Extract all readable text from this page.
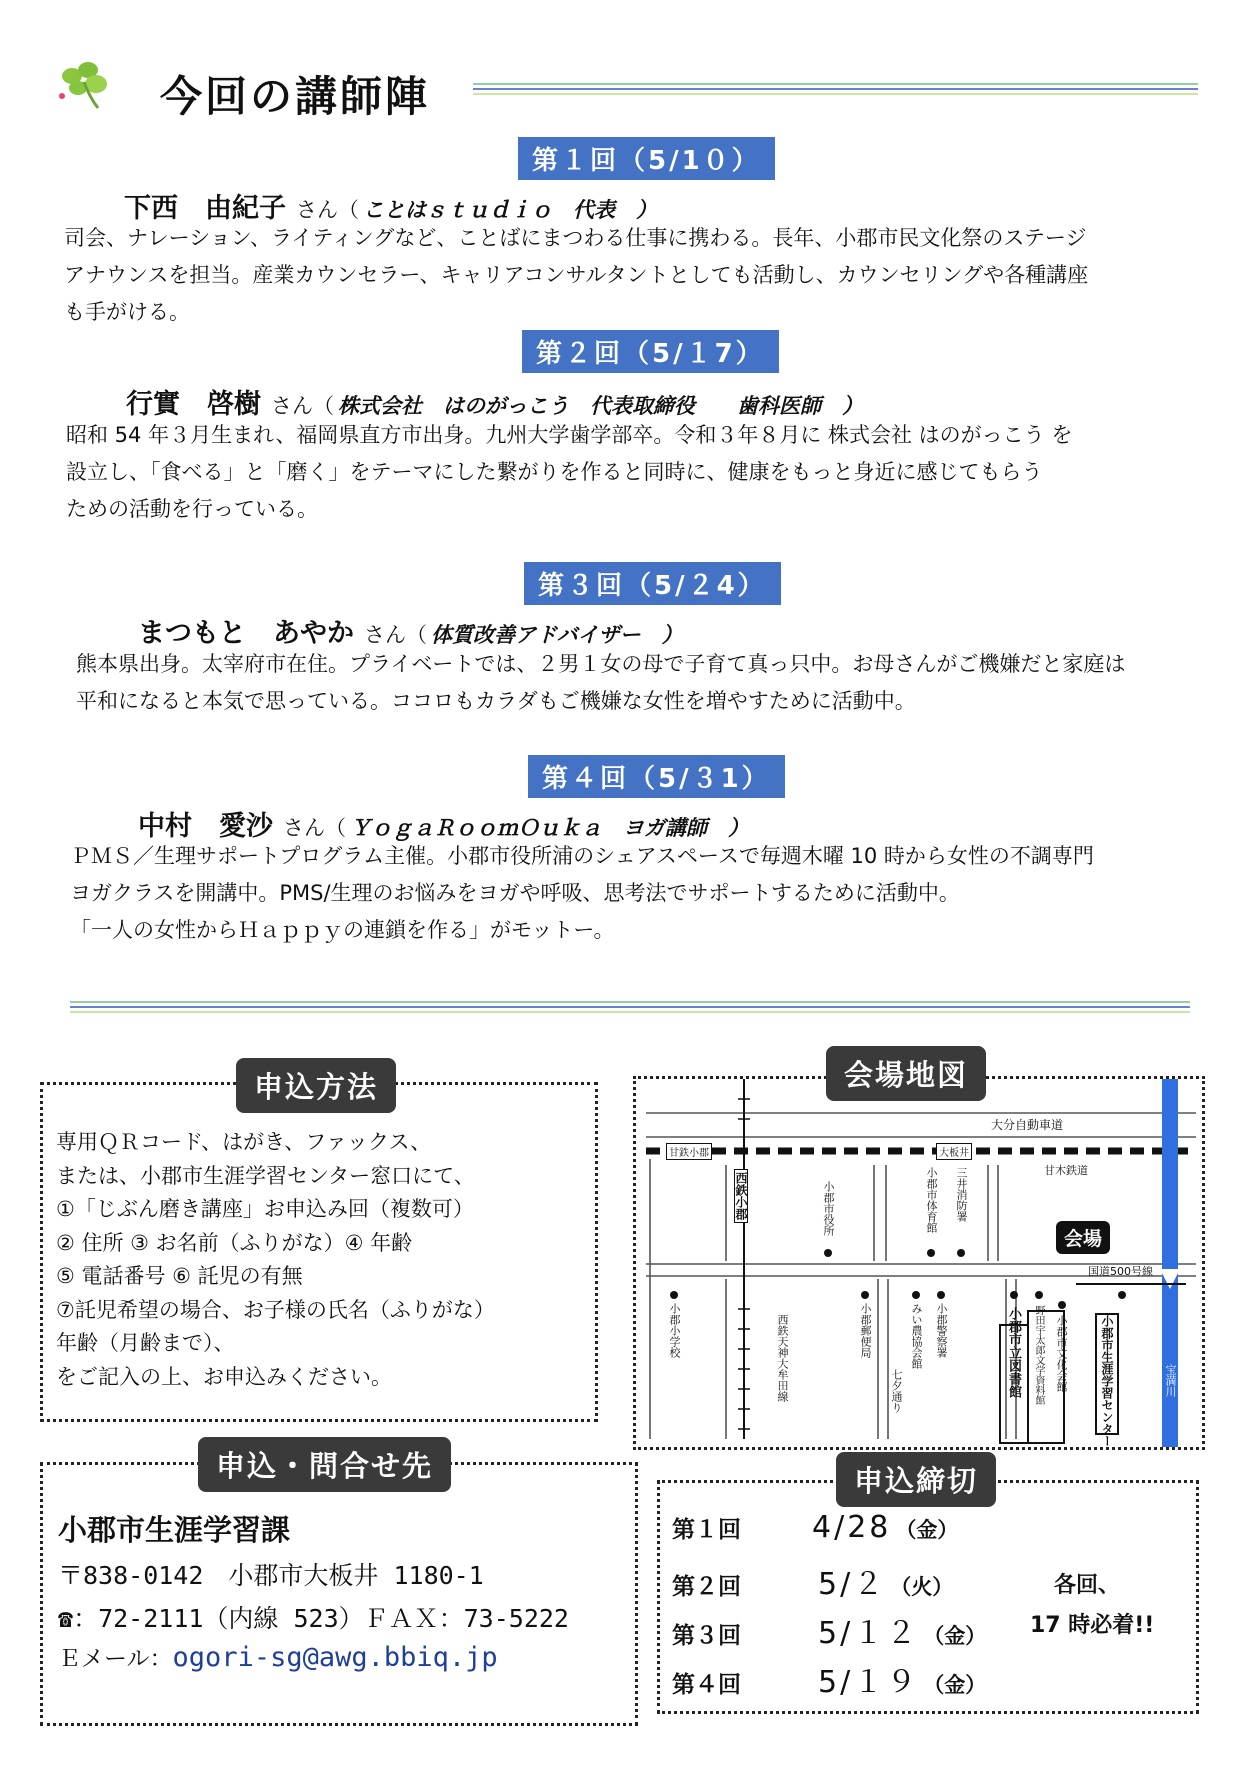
今回の講師陣
第１回（5/1０）
下西　由紀子 さん（ ことはｓｔｕｄｉｏ　代表　）
司会、ナレーション、ライティングなど、ことばにまつわる仕事に携わる。長年、小郡市民文化祭のステージ
アナウンスを担当。産業カウンセラー、キャリアコンサルタントとしても活動し、カウンセリングや各種講座
も手がける。
第２回（5/１7）
行實　啓樹 さん（ 株式会社　はのがっこう　代表取締役　　歯科医師　）
昭和 54 年３月生まれ、福岡県直方市出身。九州大学歯学部卒。令和３年８月に 株式会社 はのがっこう を
設立し、「食べる」と「磨く」をテーマにした繋がりを作ると同時に、健康をもっと身近に感じてもらう
ための活動を行っている。
第３回（5/２4）
まつもと　あやか さん（ 体質改善アドバイザー　）
熊本県出身。太宰府市在住。プライベートでは、２男１女の母で子育て真っ只中。お母さんがご機嫌だと家庭は
平和になると本気で思っている。ココロもカラダもご機嫌な女性を増やすために活動中。
第４回（5/３1）
中村　愛沙 さん（ ＹｏｇａＲｏｏｍＯｕｋａ　ヨガ講師　）
ＰＭＳ／生理サポートプログラム主催。小郡市役所浦のシェアスペースで毎週木曜 10 時から女性の不調専門
ヨガクラスを開講中。PMS/生理のお悩みをヨガや呼吸、思考法でサポートするために活動中。
「一人の女性からＨａｐｐｙの連鎖を作る」がモットー。
申込方法
専用ＱＲコード、はがき、ファックス、
または、小郡市生涯学習センター窓口にて、
①「じぶん磨き講座」お申込み回（複数可）
② 住所 ③ お名前（ふりがな）④ 年齢
⑤ 電話番号 ⑥ 託児の有無
⑦託児希望の場合、お子様の氏名（ふりがな）
年齢（月齢まで）、
をご記入の上、お申込みください。
申込・問合せ先
小郡市生涯学習課
〒838-0142　小郡市大板井 1180-1
☎：72-2111（内線 523）ＦＡＸ：73-5222
Ｅメール：ogori-sg@awg.bbiq.jp
申込締切
第１回 4/28 （金）
第２回	5/２ （火）
第３回	5/１２ （金）
第４回	5/１９ （金）
各回、
17 時必着!!
大分自動車道
甘木鉄道
国道500号線
甘鉄小郡	大板井
西鉄小郡
西鉄天神大牟田線	七夕通り	宝満川
小郡市役所	小郡市体育館 三井消防署
小郡小学校	小郡郵便局	みい農協会館 小郡警察署	小郡市立図書館 野田宇太郎文学資料館 小郡市文化会館	小郡市生涯学習センター
会場
会場地図
